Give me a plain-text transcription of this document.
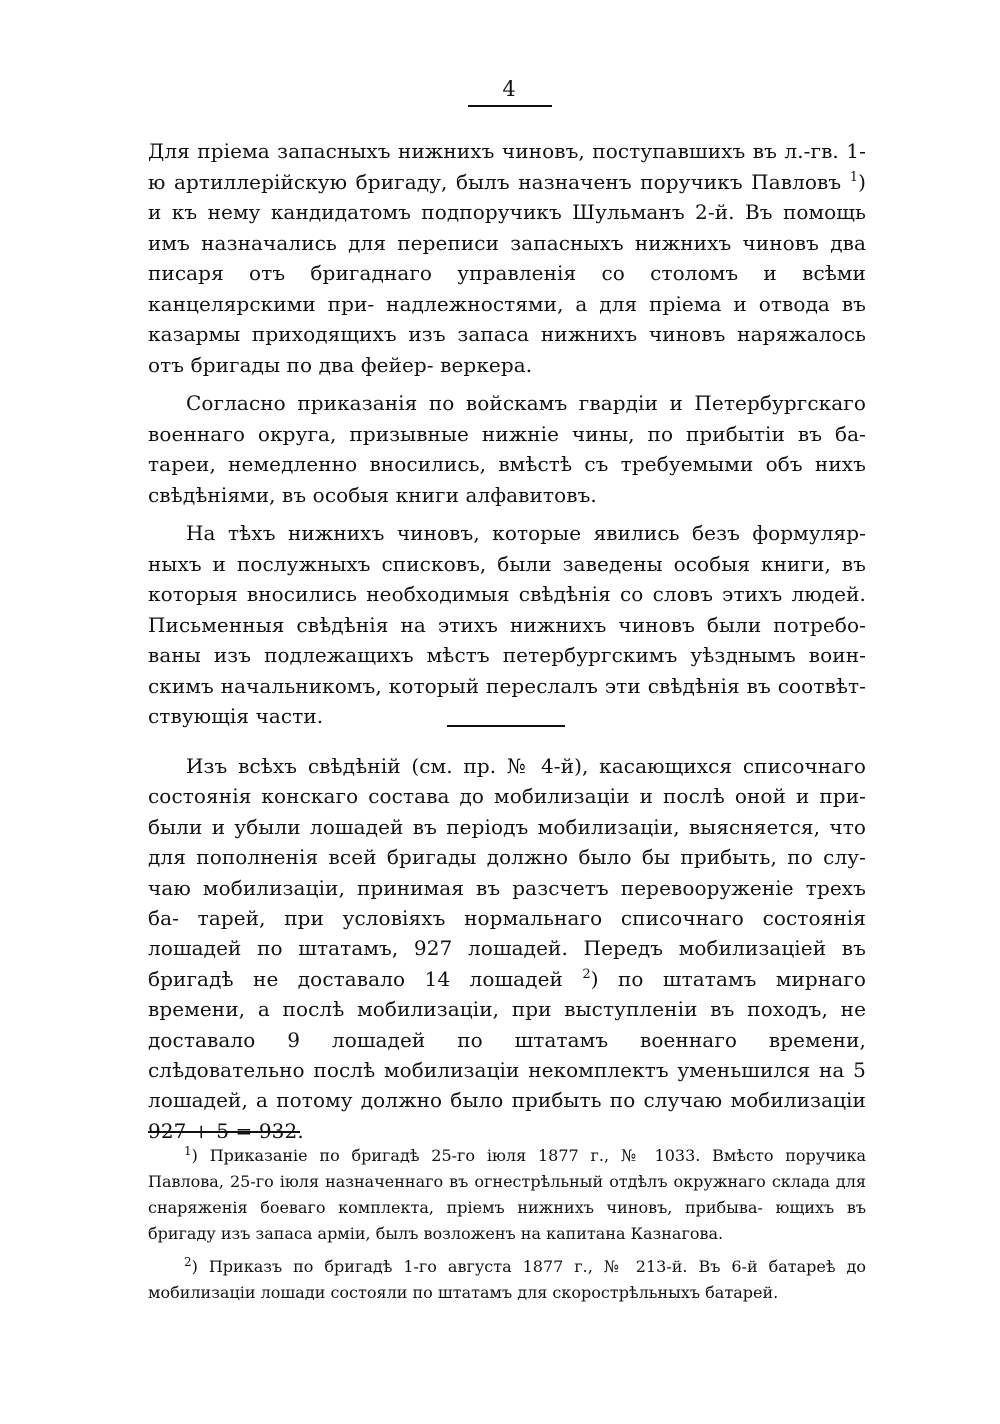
4

Для пріема запасныхъ нижнихъ чиновъ, поступавшихъ въ л.-гв. 1-ю артиллерійскую бригаду, былъ назначенъ поручикъ Павловъ $^1$) и къ нему кандидатомъ подпоручикъ Шульманъ 2-й. Въ помощь имъ назначались для переписи запасныхъ нижнихъ чиновъ два писаря отъ бригаднаго управленія со столомъ и всѣми канцелярскими при- надлежностями, а для пріема и отвода въ казармы приходящихъ изъ запаса нижнихъ чиновъ наряжалось отъ бригады по два фейер- веркера.

Согласно приказанія по войскамъ гвардіи и Петербургскаго военнаго округа, призывные нижніе чины, по прибытіи въ ба- тареи, немедленно вносились, вмѣстѣ съ требуемыми объ нихъ свѣдѣніями, въ особыя книги алфавитовъ.

На тѣхъ нижнихъ чиновъ, которые явились безъ формуляр- ныхъ и послужныхъ списковъ, были заведены особыя книги, въ которыя вносились необходимыя свѣдѣнія со словъ этихъ людей. Письменныя свѣдѣнія на этихъ нижнихъ чиновъ были потребо- ваны изъ подлежащихъ мѣстъ петербургскимъ уѣзднымъ воин- скимъ начальникомъ, который переслалъ эти свѣдѣнія въ соотвѣт- ствующія части.

Изъ всѣхъ свѣдѣній (см. пр. № 4-й), касающихся списочнаго состоянія конскаго состава до мобилизаціи и послѣ оной и при- были и убыли лошадей въ періодъ мобилизаціи, выясняется, что для пополненія всей бригады должно было бы прибыть, по слу- чаю мобилизаціи, принимая въ разсчетъ перевооруженіе трехъ ба- тарей, при условіяхъ нормальнаго списочнаго состоянія лошадей по штатамъ, 927 лошадей. Передъ мобилизаціей въ бригадѣ не доставало 14 лошадей $^2$) по штатамъ мирнаго времени, а послѣ мобилизаціи, при выступленіи въ походъ, не доставало 9 лошадей по штатамъ военнаго времени, слѣдовательно послѣ мобилизаціи некомплектъ уменьшился на 5 лошадей, а потому должно было прибыть по случаю мобилизаціи 927 + 5 = 932.

$^1$) Приказаніе по бригадѣ 25-го іюля 1877 г., № 1033. Вмѣсто поручика Павлова, 25-го іюля назначеннаго въ огнестрѣльный отдѣлъ окружнаго склада для снаряженія боеваго комплекта, пріемъ нижнихъ чиновъ, прибыва- ющихъ въ бригаду изъ запаса арміи, былъ возложенъ на капитана Казнагова.

$^2$) Приказъ по бригадѣ 1-го августа 1877 г., № 213-й. Въ 6-й батареѣ до мобилизаціи лошади состояли по штатамъ для скорострѣльныхъ батарей.
